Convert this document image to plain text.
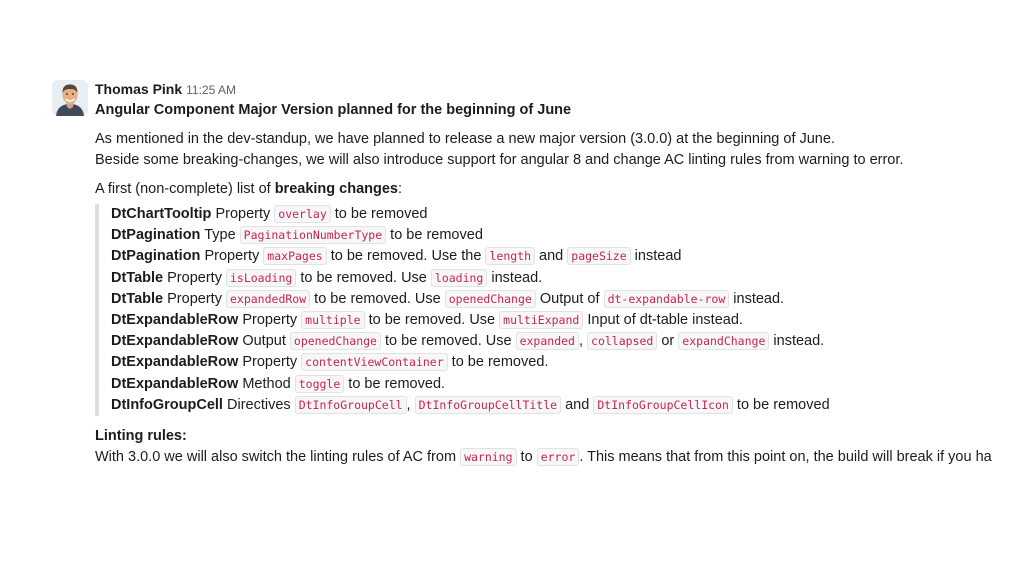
Thomas Pink 11:25 AM
Angular Component Major Version planned for the beginning of June
As mentioned in the dev-standup, we have planned to release a new major version (3.0.0) at the beginning of June.
Beside some breaking-changes, we will also introduce support for angular 8 and change AC linting rules from warning to error.
A first (non-complete) list of breaking changes:
DtChartTooltip Property overlay to be removed
DtPagination Type PaginationNumberType to be removed
DtPagination Property maxPages to be removed. Use the length and pageSize instead
DtTable Property isLoading to be removed. Use loading instead.
DtTable Property expandedRow to be removed. Use openedChange Output of dt-expandable-row instead.
DtExpandableRow Property multiple to be removed. Use multiExpand Input of dt-table instead.
DtExpandableRow Output openedChange to be removed. Use expanded , collapsed or expandChange instead.
DtExpandableRow Property contentViewContainer to be removed.
DtExpandableRow Method toggle to be removed.
DtInfoGroupCell Directives DtInfoGroupCell , DtInfoGroupCellTitle and DtInfoGroupCellIcon to be removed
Linting rules:
With 3.0.0 we will also switch the linting rules of AC from warning to error . This means that from this point on, the build will break if you ha
